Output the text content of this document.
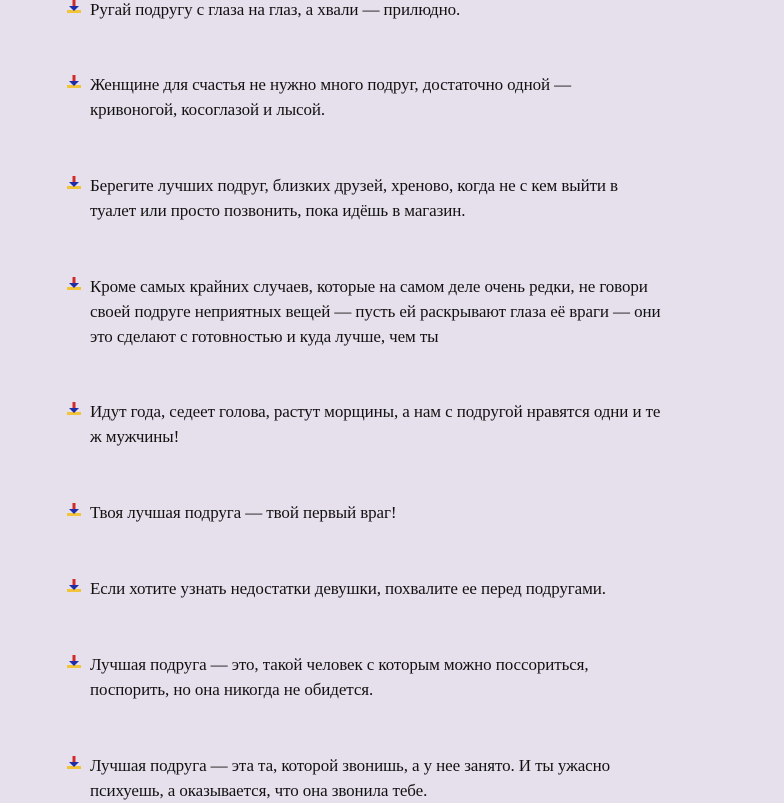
Ругай подругу с глаза на глаз, а хвали — прилюдно.
Женщине для счастья не нужно много подруг, достаточно одной —
кривоногой, косоглазой и лысой.
Берегите лучших подруг, близких друзей, хреново, когда не с кем выйти в
туалет или просто позвонить, пока идёшь в магазин.
Кроме самых крайних случаев, которые на самом деле очень редки, не говори
своей подруге неприятных вещей — пусть ей раскрывают глаза её враги — они
это сделают с готовностью и куда лучше, чем ты
Идут года, седеет голова, растут морщины, а нам с подругой нравятся одни и те
ж мужчины!
Твоя лучшая подруга — твой первый враг!
Если хотите узнать недостатки девушки, похвалите ее перед подругами.
Лучшая подруга — это, такой человек с которым можно поссориться,
поспорить, но она никогда не обидется.
Лучшая подруга — эта та, которой звонишь, а у нее занято. И ты ужасно
психуешь, а оказывается, что она звонила тебе.
